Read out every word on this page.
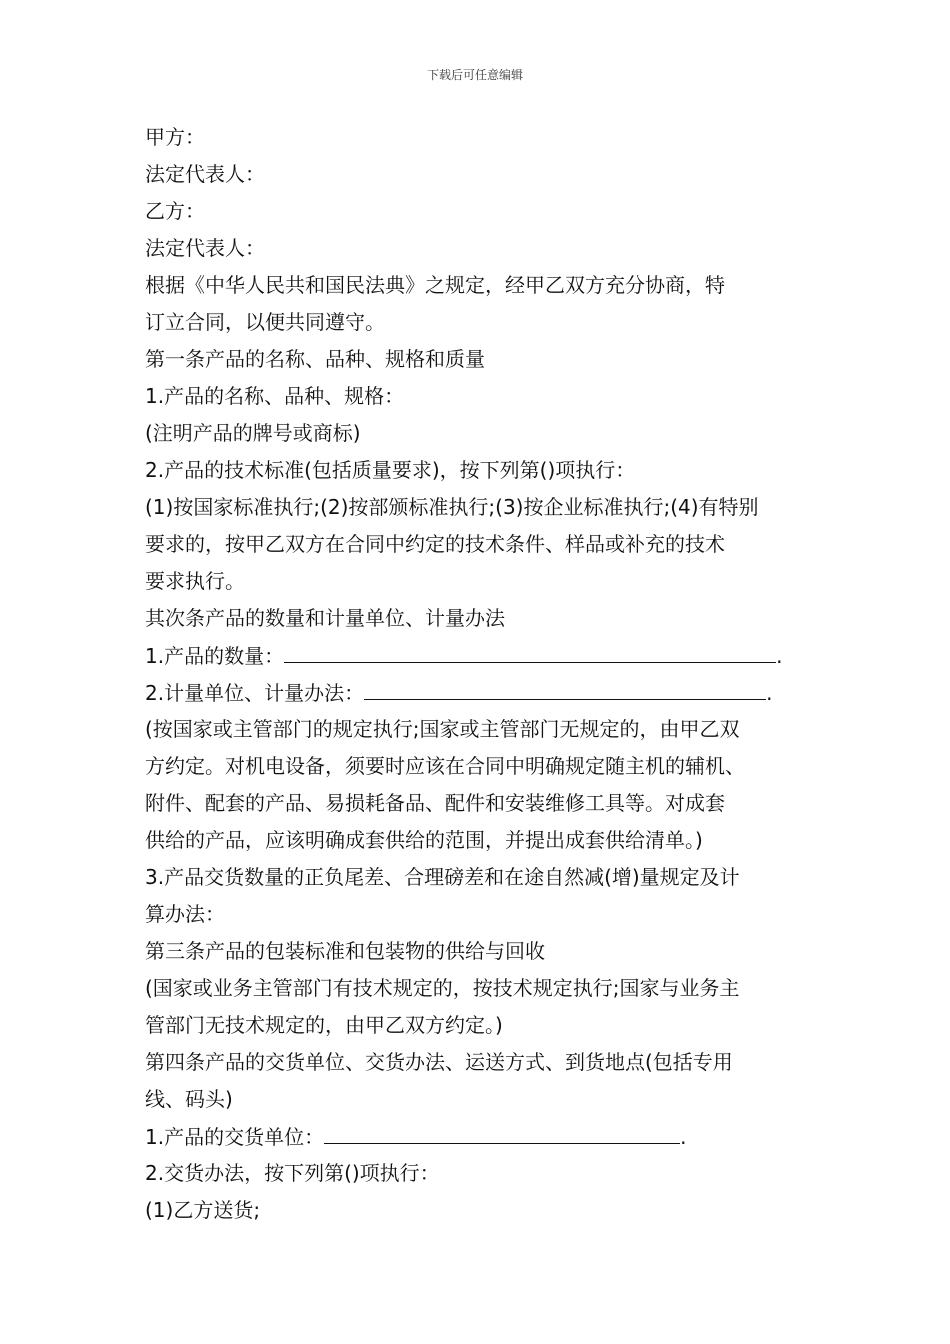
下载后可任意编辑
甲方：
法定代表人：
乙方：
法定代表人：
根据《中华人民共和国民法典》之规定，经甲乙双方充分协商，特
订立合同，以便共同遵守。
第一条产品的名称、品种、规格和质量
1.产品的名称、品种、规格：
(注明产品的牌号或商标)
2.产品的技术标准(包括质量要求)，按下列第()项执行：
(1)按国家标准执行;(2)按部颁标准执行;(3)按企业标准执行;(4)有特别
要求的，按甲乙双方在合同中约定的技术条件、样品或补充的技术
要求执行。
其次条产品的数量和计量单位、计量办法
1.产品的数量：	.
2.计量单位、计量办法：	.
(按国家或主管部门的规定执行;国家或主管部门无规定的，由甲乙双
方约定。对机电设备，须要时应该在合同中明确规定随主机的辅机、
附件、配套的产品、易损耗备品、配件和安装维修工具等。对成套
供给的产品，应该明确成套供给的范围，并提出成套供给清单。)
3.产品交货数量的正负尾差、合理磅差和在途自然减(增)量规定及计
算办法：
第三条产品的包装标准和包装物的供给与回收
(国家或业务主管部门有技术规定的，按技术规定执行;国家与业务主
管部门无技术规定的，由甲乙双方约定。)
第四条产品的交货单位、交货办法、运送方式、到货地点(包括专用
线、码头)
1.产品的交货单位：	.
2.交货办法，按下列第()项执行：
(1)乙方送货;
